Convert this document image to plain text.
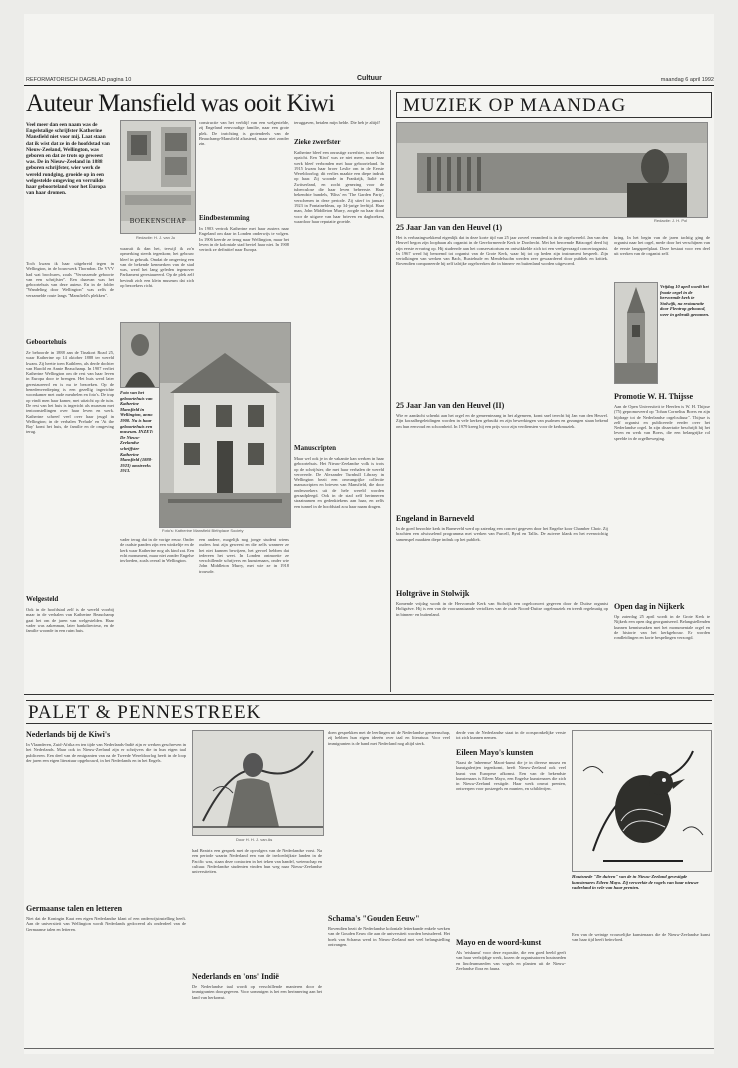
REFORMATORISCH DAGBLAD pagina 10	Cultuur	maandag 6 april 1992
Auteur Mansfield was ooit Kiwi
Veel meer dan een naam was de Engelstalige schrijfster Katherine Mansfield niet voor mij. Laat staan dat ik wist dat ze in de hoofdstad van Nieuw-Zeeland, Wellington, was geboren en dat ze trots op geweest was. De in Nieuw-Zeeland in 1888 geboren schrijfster, wier werk de wereld rondging, groeide op in een welgestelde omgeving en verruilde haar geboorteland voor het Europa van haar dromen.
Toch kwam ik haar uitgebreid tegen in Wellington, in de bouwwerk Thorndon. De VVV had wat brochures, zoals "Verrassende geboorte van een schrijfster". Een daarvan was het geboortehuis van deze auteur. En in de folder "Wandeling door Wellington" was zelfs de verzamelde route langs "Mansfield's plekken".
Geboortehuis
Ze behoorde in 1888 aan de Tinakori Road 25, waar Katherine op 14 oktober 1888 ter wereld kwam. Zij heette toen Kathleen, als derde dochter van Harold en Annie Beauchamp. In 1907 verliet Katherine Wellington om de rest van haar leven in Europa door te brengen. Het huis werd later gerestaureerd en is nu te bezoeken. Op de benedenverdieping is een gezellig ingerichte woonkamer met oude meubelen en foto's. De trap op vindt men haar kamer, met uitzicht op de tuin. De rest van het huis is ingericht als museum met tentoonstellingen over haar leven en werk. Katherine schreef veel over haar jeugd in Wellington; in de verhalen 'Prelude' en 'At the Bay' komt het huis, de familie en de omgeving terug.
Welgesteld
Ook in de hoofdstad zelf is de wereld voorbij maar in de verhalen van Katherine Beauchamp gaat het om de jaren van welgestelden. Haar vader was zakenman, later bankdirecteur, en de familie woonde in een ruim huis.
BOEKENSCHAP
Redactie: H. J. van Ju
waaruit ik dan het, terwijl ik zo'n opmerking steeds tegenkom; het gebouw bleef in gebruik. Omdat de omgeving een van de bekende kenmerken van de stad was, werd het lang geleden tegenover Parliament gerestaureerd. Op de plek zelf bevindt zich een klein museum dat zich op bezoekers richt.
Foto van het geboortehuis van Katherine Mansfield in Wellington, anno 1900. Nu is haar geboortehuis een museum. INZET: De Nieuw-Zeelandse schrijfster Katherine Mansfield (1888-1923) omstreeks 1913.
Foto's: Katherine Mansfield Birthplace Society
vader terug dat in de vorige eeuw. Onder de oudste panden zijn een winkeltje en de kerk waar Katherine nog als kind zat. Een echt monument, maar niet zonder Engelse invloeden, zoals overal in Wellington.
constructie van het verblijf van een welgestelde, zij Engeland eenvoudige familie, naar een grote plek. De inrichting is grotendeels van de Beauchamp-Mansfield aftastend, maar niet zonder zin.
Eindbestemming
In 1903 vertrok Katherine met haar zusters naar Engeland om daar in Londen onderwijs te volgen. In 1906 keerde ze terug naar Wellington, maar het leven in de koloniale stad beviel haar niet. In 1908 vertrok ze definitief naar Europa.
een andere, mogelijk nog jonge student wiens ouders fout zijn geweest en die zelfs wanneer ze het niet kunnen bewijzen, het gevoel hebben dat iedereen het weet. In Londen ontmoette ze verschillende schrijvers en kunstenaars, onder wie John Middleton Murry, met wie ze in 1918 trouwde.
teruggaven, betalen mijn helde. Die heb je altijd!
Zieke zwerfster
Katherine bleef een onrustige zwerfster, in velerlei opzicht. Een 'Kiwi' was ze niet meer, maar haar werk bleef verbonden met haar geboorteland. In 1915 kwam haar broer Leslie om in de Eerste Wereldoorlog; dit verlies maakte een diepe indruk op haar. Zij woonde in Frankrijk, Italië en Zwitserland, en zocht genezing voor de tuberculose die haar leven beheerste. Haar bekendste bundels, 'Bliss' en 'The Garden Party', verschenen in deze periode. Zij stierf in januari 1923 in Fontainebleau, op 34-jarige leeftijd. Haar man, John Middleton Murry, zorgde na haar dood voor de uitgave van haar brieven en dagboeken, waardoor haar reputatie groeide.
Manuscripten
Maar wel ook je in de vakantie kan werken in haar geboortehuis. Het Nieuw-Zeelandse volk is trots op de schrijfster, die met haar verhalen de wereld veroverde. De Alexander Turnbull Library in Wellington bezit een omvangrijke collectie manuscripten en brieven van Mansfield, die door onderzoekers uit de hele wereld worden geraadpleegd. Ook in de stad zelf herinneren straatnamen en gedenktekens aan haar, en zelfs een tunnel in de hoofdstad zou haar naam dragen.
MUZIEK OP MAANDAG
Redactie: J. H. Pol
25 Jaar Jan van den Heuvel (1)
Het is verbazingwekkend eigenlijk dat in deze korte tijd van 25 jaar zoveel veranderd is in de orgelwereld. Jan van den Heuvel begon zijn loopbaan als organist in de Gereformeerde Kerk te Dordrecht. Met het beroemde Bätzorgel deed hij zijn eerste ervaring op. Hij studeerde aan het conservatorium en ontwikkelde zich tot een veelgevraagd concertorganist. In 1967 werd hij benoemd tot organist van de Grote Kerk, waar hij tot op heden zijn instrument bespeelt. Zijn vertolkingen van werken van Bach, Buxtehude en Mendelssohn werden zeer gewaardeerd door publiek en kritiek. Bovendien componeerde hij zelf talrijke orgelwerken die in binnen- en buitenland worden uitgevoerd.
25 Jaar Jan van den Heuvel (II)
Wie er aandacht schenkt aan het orgel en de gemeentezang in het algemeen, komt snel terecht bij Jan van den Heuvel. Zijn koraalbegeleidingen worden in vele kerken gebruikt en zijn bewerkingen van psalmen en gezangen staan bekend om hun eenvoud en schoonheid. In 1979 kreeg hij een prijs voor zijn verdiensten voor de kerkmuziek.
Engeland in Barneveld
In de goed bezochte kerk in Barneveld werd op zaterdag een concert gegeven door het Engelse koor Chamber Choir. Zij brachten een afwisselend programma met werken van Purcell, Byrd en Tallis. De zuivere klank en het evenwichtig samenspel maakten diepe indruk op het publiek.
Holtgräve in Stolwijk
Komende vrijdag wordt in de Hervormde Kerk van Stolwijk een orgelconcert gegeven door de Duitse organist Holtgräve. Hij is een van de vooraanstaande vertolkers van de oude Noord-Duitse orgelmuziek en treedt regelmatig op in binnen- en buitenland.
kring. In het begin van de jaren tachtig ging de organist naar het orgel, mede door het verschijnen van de eerste langspeelplaat. Deze bestaat voor een deel uit werken van de organist zelf.
Vrijdag 10 april wordt het fraaie orgel in de hervormde kerk te Stolwijk, na restauratie door Flentrop gebouwd, weer in gebruik genomen.
Promotie W. H. Thijsse
Aan de Open Universiteit te Heerlen is W. H. Thijsse (75) gepromoveerd op "Johan Cornelius Boers en zijn bijdrage tot de Nederlandse orgelcultuur". Thijsse is zelf organist en publiceerde eerder over het Nederlandse orgel. In zijn dissertatie beschrijft hij het leven en werk van Boers, die een belangrijke rol speelde in de orgelbeweging.
Open dag in Nijkerk
Op zaterdag 25 april wordt in de Grote Kerk te Nijkerk een open dag georganiseerd. Belangstellenden kunnen kennismaken met het monumentale orgel en de historie van het kerkgebouw. Er worden rondleidingen en korte bespelingen verzorgd.
PALET & PENNESTREEK
Nederlands bij de Kiwi's
In Vlaanderen, Zuid-Afrika en ten tijde van Nederlands-Indië zijn er werken geschreven in het Nederlands. Maar ook in Nieuw-Zeeland zijn er schrijvers die in hun eigen taal publiceren. Een deel van de emigranten van na de Tweede Wereldoorlog heeft in de loop der jaren een eigen literatuur opgebouwd, in het Nederlands en in het Engels.
Germaanse talen en letteren
Niet dat de Koningin Kaat een eigen Nederlandse klant of een onderwijsinstelling heeft. Aan de universiteit van Wellington wordt Nederlands gedoceerd als onderdeel van de Germaanse talen en letteren.
Door H. H. J. van As
had Beatrix een gesprek met de opvolgers van de Nederlandse vorst. Na een periode waarin Nederland een van de invloedrijkste landen in de Pacific was, staan deze contacten in het teken van handel, wetenschap en cultuur. Nederlandse studenten vinden hun weg naar Nieuw-Zeelandse universiteiten.
Nederlands en 'ons' Indië
De Nederlandse taal wordt op verschillende manieren door de immigranten doorgegeven. Voor sommigen is het een herinnering aan het land van herkomst.
doen gesprekken met de leerlingen uit de Nederlandse gemeenschap, zij hebben hun eigen ideeën over taal en literatuur. Voor veel immigranten is de band met Nederland nog altijd sterk.
Schama's "Gouden Eeuw"
Bovendien bezit de Nederlandse koloniale letterkunde enkele werken van de Gouden Eeuw die aan de universiteit worden bestudeerd. Het boek van Schama werd in Nieuw-Zeeland met veel belangstelling ontvangen.
derde van de Nederlandse staat in de oorspronkelijke versie tot zich kunnen nemen.
Eileen Mayo's kunsten
Naast de 'inheemse' Maori-kunst die je in diverse musea en kunstgalerijen tegenkomt, heeft Nieuw-Zeeland ook veel kunst van Europese afkomst. Een van de bekendste kunstenaars is Eileen Mayo, een Engelse kunstenares die zich in Nieuw-Zeeland vestigde. Haar werk omvat prenten, ontwerpen voor postzegels en munten, en schilderijen.
Mayo en de woord-kunst
Als 'reiskunst' voor deze expositie, die een goed beeld geeft van haar veelzijdige werk, kozen de organisatoren houtsneden en linoleumsneden van vogels en planten uit de Nieuw-Zeelandse flora en fauna.
Houtsnede "De duiven" van de in Nieuw-Zeeland gevestigde kunstenares Eileen Mayo. Zij verwerkte de vogels van haar nieuwe vaderland in vele van haar prenten.
Een van de weinige vrouwelijke kunstenaars die de Nieuw-Zeelandse kunst van haar tijd heeft beïnvloed.
